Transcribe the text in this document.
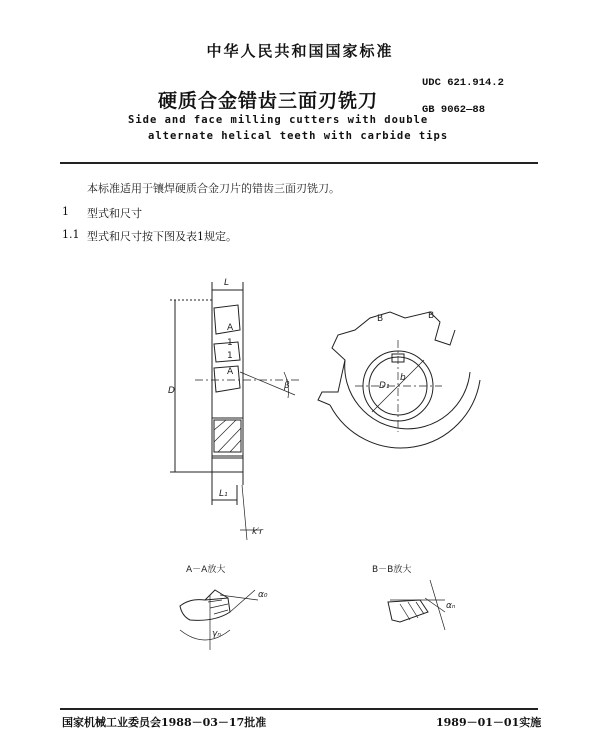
中华人民共和国国家标准
硬质合金错齿三面刃铣刀
Side and face milling cutters with double
alternate helical teeth with carbide tips
UDC 621.914.2
GB 9062—88
本标准适用于镶焊硬质合金刀片的错齿三面刃铣刀。
1 型式和尺寸
1.1 型式和尺寸按下图及表1规定。
L
D
A
1
1
A
β
L₁
k′r
B	B
D₁
b
A－A放大	B－B放大
α₀
γₙ
αₙ
国家机械工业委员会1988－03－17批准	1989－01－01实施
